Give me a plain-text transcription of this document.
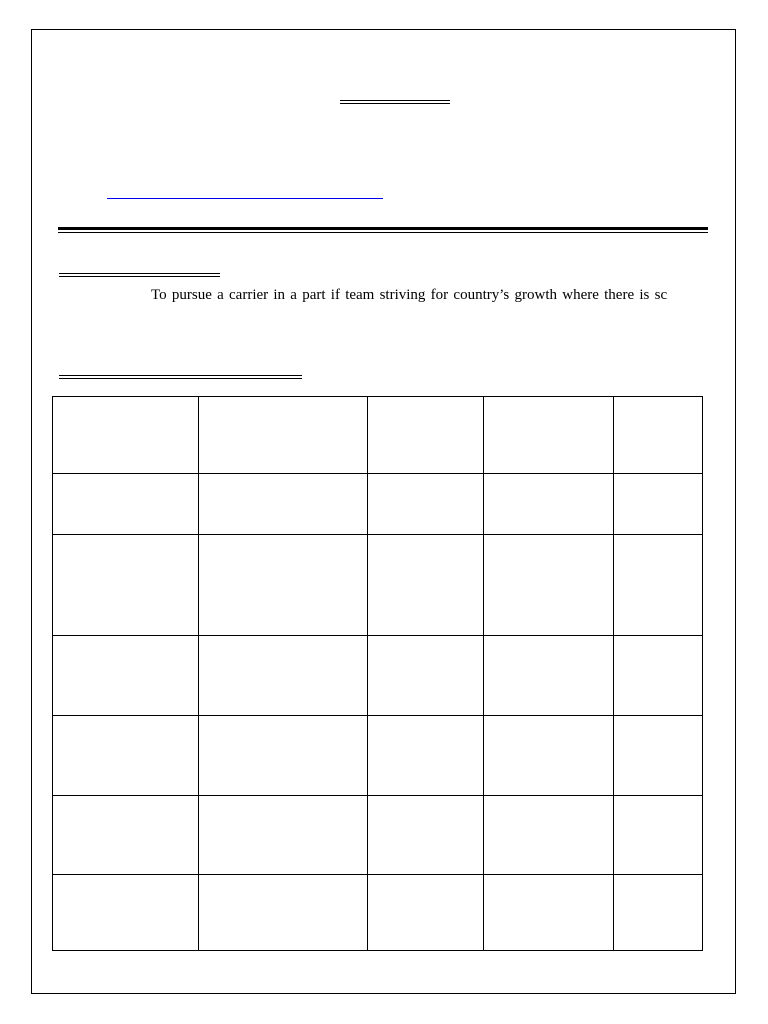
To pursue a carrier in a part if team striving for country’s growth where there is sc
